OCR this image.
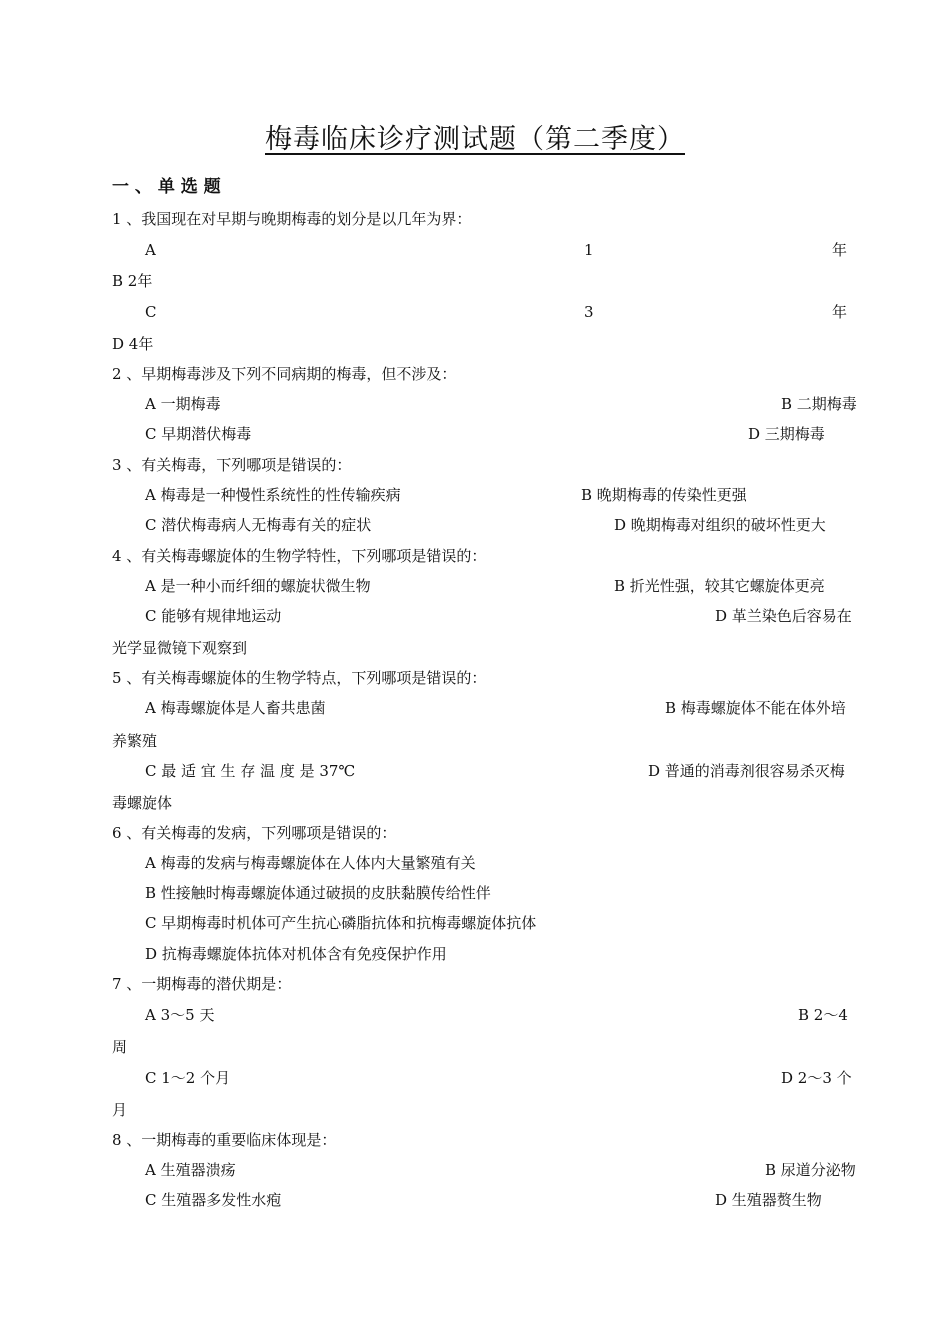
梅毒临床诊疗测试题（第二季度）
一 、 单 选 题
1 、我国现在对早期与晚期梅毒的划分是以几年为界：
A	1	年
B 2年
C	3	年
D 4年
2 、早期梅毒涉及下列不同病期的梅毒，但不涉及：
A 一期梅毒	B 二期梅毒
C 早期潜伏梅毒	D 三期梅毒
3 、有关梅毒，下列哪项是错误的：
A 梅毒是一种慢性系统性的性传输疾病	B 晚期梅毒的传染性更强
C 潜伏梅毒病人无梅毒有关的症状	D 晚期梅毒对组织的破坏性更大
4 、有关梅毒螺旋体的生物学特性，下列哪项是错误的：
A 是一种小而纤细的螺旋状微生物	B 折光性强，较其它螺旋体更亮
C 能够有规律地运动	D 革兰染色后容易在
光学显微镜下观察到
5 、有关梅毒螺旋体的生物学特点，下列哪项是错误的：
A 梅毒螺旋体是人畜共患菌	B 梅毒螺旋体不能在体外培
养繁殖
C 最 适 宜 生 存 温 度 是 37℃	D 普通的消毒剂很容易杀灭梅
毒螺旋体
6 、有关梅毒的发病，下列哪项是错误的：
A 梅毒的发病与梅毒螺旋体在人体内大量繁殖有关
B 性接触时梅毒螺旋体通过破损的皮肤黏膜传给性伴
C 早期梅毒时机体可产生抗心磷脂抗体和抗梅毒螺旋体抗体
D 抗梅毒螺旋体抗体对机体含有免疫保护作用
7 、一期梅毒的潜伏期是：
A 3～5 天	B 2～4
周
C 1～2 个月	D 2～3 个
月
8 、一期梅毒的重要临床体现是：
A 生殖器溃疡	B 尿道分泌物
C 生殖器多发性水疱	D 生殖器赘生物
